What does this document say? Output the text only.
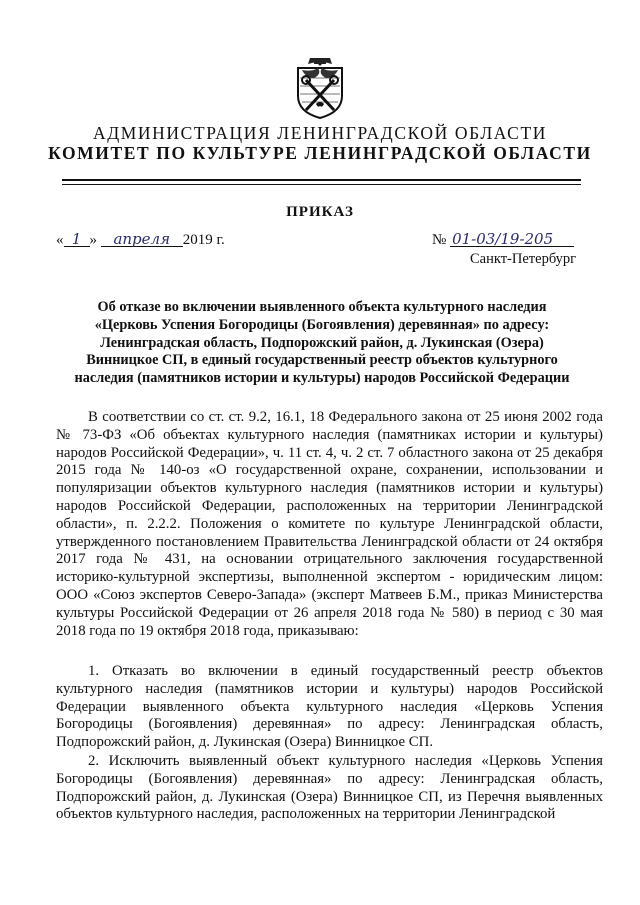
АДМИНИСТРАЦИЯ ЛЕНИНГРАДСКОЙ ОБЛАСТИ
КОМИТЕТ ПО КУЛЬТУРЕ ЛЕНИНГРАДСКОЙ ОБЛАСТИ
ПРИКАЗ
« 1 » апреля 2019 г.	№ 01-03/19-205
Санкт-Петербург
Об отказе во включении выявленного объекта культурного наследия «Церковь Успения Богородицы (Богоявления) деревянная» по адресу: Ленинградская область, Подпорожский район, д. Лукинская (Озера) Винницкое СП, в единый государственный реестр объектов культурного наследия (памятников истории и культуры) народов Российской Федерации
В соответствии со ст. ст. 9.2, 16.1, 18 Федерального закона от 25 июня 2002 года № 73-ФЗ «Об объектах культурного наследия (памятниках истории и культуры) народов Российской Федерации», ч. 11 ст. 4, ч. 2 ст. 7 областного закона от 25 декабря 2015 года № 140-оз «О государственной охране, сохранении, использовании и популяризации объектов культурного наследия (памятников истории и культуры) народов Российской Федерации, расположенных на территории Ленинградской области», п. 2.2.2. Положения о комитете по культуре Ленинградской области, утвержденного постановлением Правительства Ленинградской области от 24 октября 2017 года № 431, на основании отрицательного заключения государственной историко-культурной экспертизы, выполненной экспертом - юридическим лицом: ООО «Союз экспертов Северо-Запада» (эксперт Матвеев Б.М., приказ Министерства культуры Российской Федерации от 26 апреля 2018 года № 580) в период с 30 мая 2018 года по 19 октября 2018 года, приказываю:
1. Отказать во включении в единый государственный реестр объектов культурного наследия (памятников истории и культуры) народов Российской Федерации выявленного объекта культурного наследия «Церковь Успения Богородицы (Богоявления) деревянная» по адресу: Ленинградская область, Подпорожский район, д. Лукинская (Озера) Винницкое СП.
2. Исключить выявленный объект культурного наследия «Церковь Успения Богородицы (Богоявления) деревянная» по адресу: Ленинградская область, Подпорожский район, д. Лукинская (Озера) Винницкое СП, из Перечня выявленных объектов культурного наследия, расположенных на территории Ленинградской
